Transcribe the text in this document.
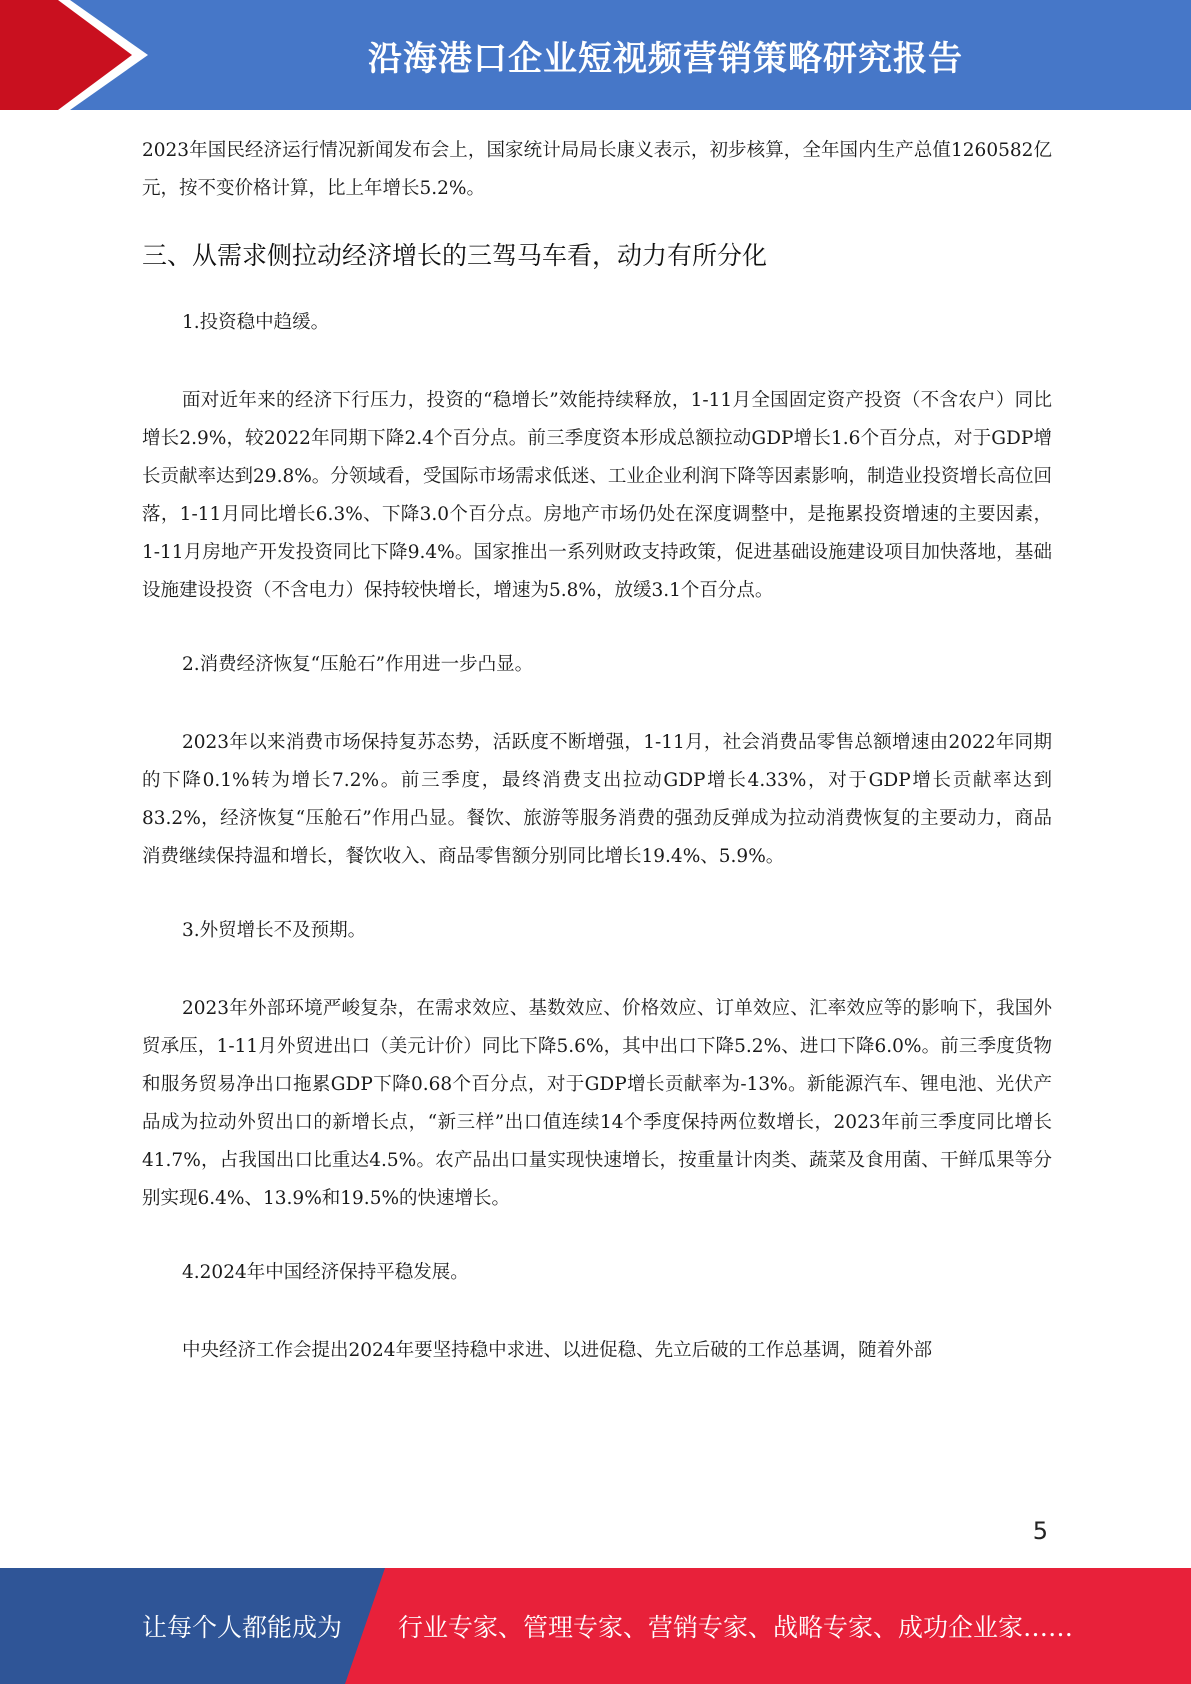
沿海港口企业短视频营销策略研究报告

2023年国民经济运行情况新闻发布会上，国家统计局局长康义表示，初步核算，全年国内生产总值1260582亿元，按不变价格计算，比上年增长5.2%。

三、从需求侧拉动经济增长的三驾马车看，动力有所分化

1.投资稳中趋缓。

面对近年来的经济下行压力，投资的“稳增长”效能持续释放，1-11月全国固定资产投资（不含农户）同比增长2.9%，较2022年同期下降2.4个百分点。前三季度资本形成总额拉动GDP增长1.6个百分点，对于GDP增长贡献率达到29.8%。分领域看，受国际市场需求低迷、工业企业利润下降等因素影响，制造业投资增长高位回落，1-11月同比增长6.3%、下降3.0个百分点。房地产市场仍处在深度调整中，是拖累投资增速的主要因素，1-11月房地产开发投资同比下降9.4%。国家推出一系列财政支持政策，促进基础设施建设项目加快落地，基础设施建设投资（不含电力）保持较快增长，增速为5.8%，放缓3.1个百分点。

2.消费经济恢复“压舱石”作用进一步凸显。

2023年以来消费市场保持复苏态势，活跃度不断增强，1-11月，社会消费品零售总额增速由2022年同期的下降0.1%转为增长7.2%。前三季度，最终消费支出拉动GDP增长4.33%，对于GDP增长贡献率达到83.2%，经济恢复“压舱石”作用凸显。餐饮、旅游等服务消费的强劲反弹成为拉动消费恢复的主要动力，商品消费继续保持温和增长，餐饮收入、商品零售额分别同比增长19.4%、5.9%。

3.外贸增长不及预期。

2023年外部环境严峻复杂，在需求效应、基数效应、价格效应、订单效应、汇率效应等的影响下，我国外贸承压，1-11月外贸进出口（美元计价）同比下降5.6%，其中出口下降5.2%、进口下降6.0%。前三季度货物和服务贸易净出口拖累GDP下降0.68个百分点，对于GDP增长贡献率为-13%。新能源汽车、锂电池、光伏产品成为拉动外贸出口的新增长点，“新三样”出口值连续14个季度保持两位数增长，2023年前三季度同比增长41.7%，占我国出口比重达4.5%。农产品出口量实现快速增长，按重量计肉类、蔬菜及食用菌、干鲜瓜果等分别实现6.4%、13.9%和19.5%的快速增长。

4.2024年中国经济保持平稳发展。

中央经济工作会提出2024年要坚持稳中求进、以进促稳、先立后破的工作总基调，随着外部

5
让每个人都能成为 行业专家、管理专家、营销专家、战略专家、成功企业家……
